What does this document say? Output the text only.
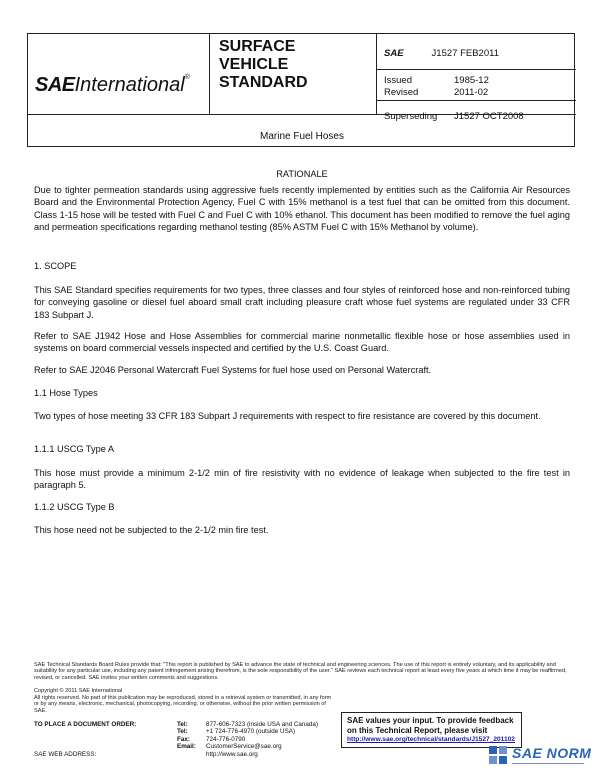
SAEInternational®
SURFACE
VEHICLE
STANDARD
SAE	J1527 FEB2011
Issued	1985-12
Revised	2011-02
Superseding J1527 OCT2008
Marine Fuel Hoses
RATIONALE
Due to tighter permeation standards using aggressive fuels recently implemented by entities such as the California Air Resources Board and the Environmental Protection Agency, Fuel C with 15% methanol is a test fuel that can be omitted from this document. Class 1-15 hose will be tested with Fuel C and Fuel C with 10% ethanol. This document has been modified to remove the fuel aging and permeation specifications regarding methanol testing (85% ASTM Fuel C with 15% Methanol by volume).
1. SCOPE
This SAE Standard specifies requirements for two types, three classes and four styles of reinforced hose and non-reinforced tubing for conveying gasoline or diesel fuel aboard small craft including pleasure craft whose fuel systems are regulated under 33 CFR 183 Subpart J.
Refer to SAE J1942 Hose and Hose Assemblies for commercial marine nonmetallic flexible hose or hose assemblies used in systems on board commercial vessels inspected and certified by the U.S. Coast Guard.
Refer to SAE J2046 Personal Watercraft Fuel Systems for fuel hose used on Personal Watercraft.
1.1 Hose Types
Two types of hose meeting 33 CFR 183 Subpart J requirements with respect to fire resistance are covered by this document.
1.1.1 USCG Type A
This hose must provide a minimum 2-1/2 min of fire resistivity with no evidence of leakage when subjected to the fire test in paragraph 5.
1.1.2 USCG Type B
This hose need not be subjected to the 2-1/2 min fire test.
SAE Technical Standards Board Rules provide that: "This report is published by SAE to advance the state of technical and engineering sciences. The use of this report is entirely voluntary, and its applicability and suitability for any particular use, including any patent infringement arising therefrom, is the sole responsibility of the user." SAE reviews each technical report at least every five years at which time it may be reaffirmed, revised, or cancelled. SAE invites your written comments and suggestions.
Copyright © 2011 SAE International
All rights reserved. No part of this publication may be reproduced, stored in a retrieval system or transmitted, in any form or by any means, electronic, mechanical, photocopying, recording, or otherwise, without the prior written permission of SAE.
TO PLACE A DOCUMENT ORDER:	Tel:	877-606-7323 (inside USA and Canada)
Tel:	+1 724-776-4970 (outside USA)
Fax:	724-776-0790
Email: CustomerService@sae.org
SAE WEB ADDRESS:	http://www.sae.org
SAE values your input. To provide feedback
on this Technical Report, please visit
http://www.sae.org/technical/standards/J1527_201102
SAE NORM
